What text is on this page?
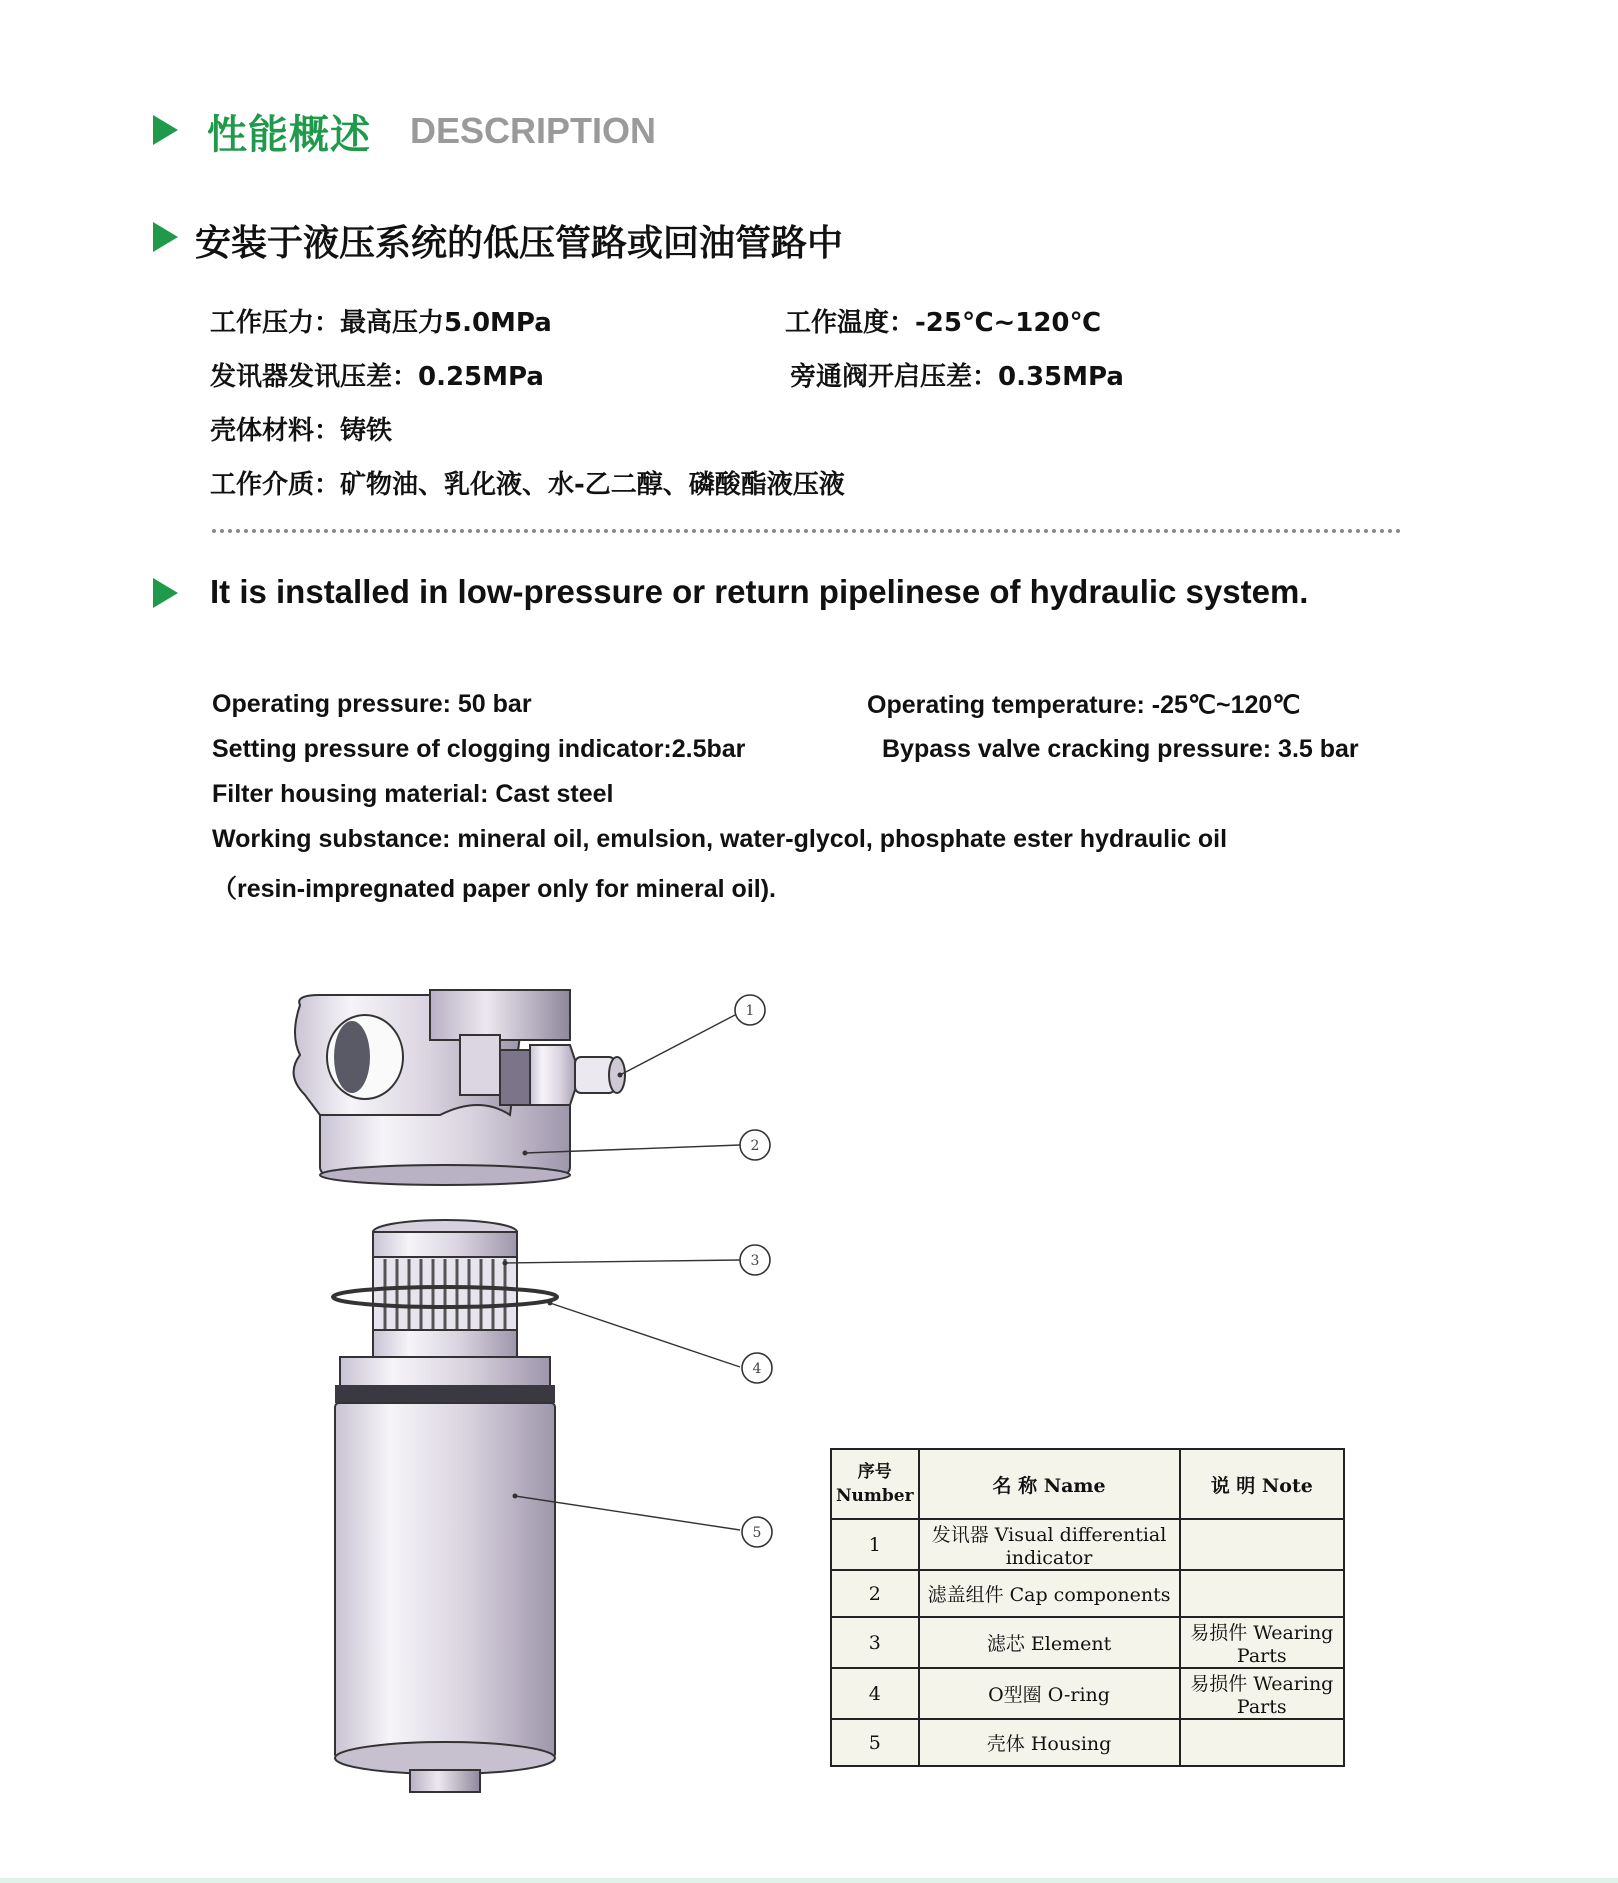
性能概述 DESCRIPTION
安装于液压系统的低压管路或回油管路中
工作压力：最高压力5.0MPa	工作温度：-25℃~120℃
发讯器发讯压差：0.25MPa	旁通阀开启压差：0.35MPa
壳体材料：铸铁
工作介质：矿物油、乳化液、水-乙二醇、磷酸酯液压液
It is installed in low-pressure or return pipelinese of hydraulic system.
Operating pressure: 50 bar	Operating temperature: -25℃~120℃
Setting pressure of clogging indicator:2.5bar	Bypass valve cracking pressure: 3.5 bar
Filter housing material: Cast steel
Working substance: mineral oil, emulsion, water-glycol, phosphate ester hydraulic oil
（resin-impregnated paper only for mineral oil).
1
2
3
4
5
序号
Number	名 称 Name	说 明 Note
1	发讯器 Visual differential indicator	
2	滤盖组件 Cap components	
3	滤芯 Element	易损件 Wearing Parts
4	O型圈 O-ring	易损件 Wearing Parts
5	壳体 Housing	
